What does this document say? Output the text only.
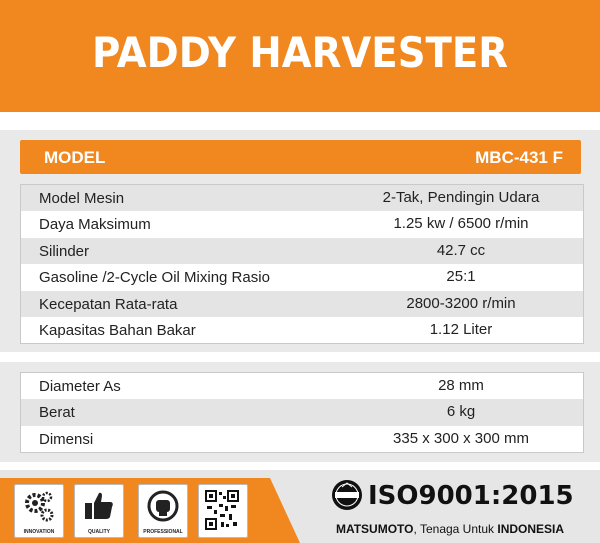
PADDY HARVESTER
MODEL	MBC-431 F
Model Mesin	2-Tak, Pendingin Udara
Daya Maksimum	1.25 kw / 6500 r/min
Silinder	42.7 cc
Gasoline /2-Cycle Oil Mixing Rasio	25:1
Kecepatan Rata-rata	2800-3200 r/min
Kapasitas Bahan Bakar	1.12 Liter
Diameter As	28 mm
Berat	6 kg
Dimensi	335 x 300 x 300 mm
INNOVATION	QUALITY	PROFESSIONAL
ISO9001:2015
MATSUMOTO, Tenaga Untuk INDONESIA
